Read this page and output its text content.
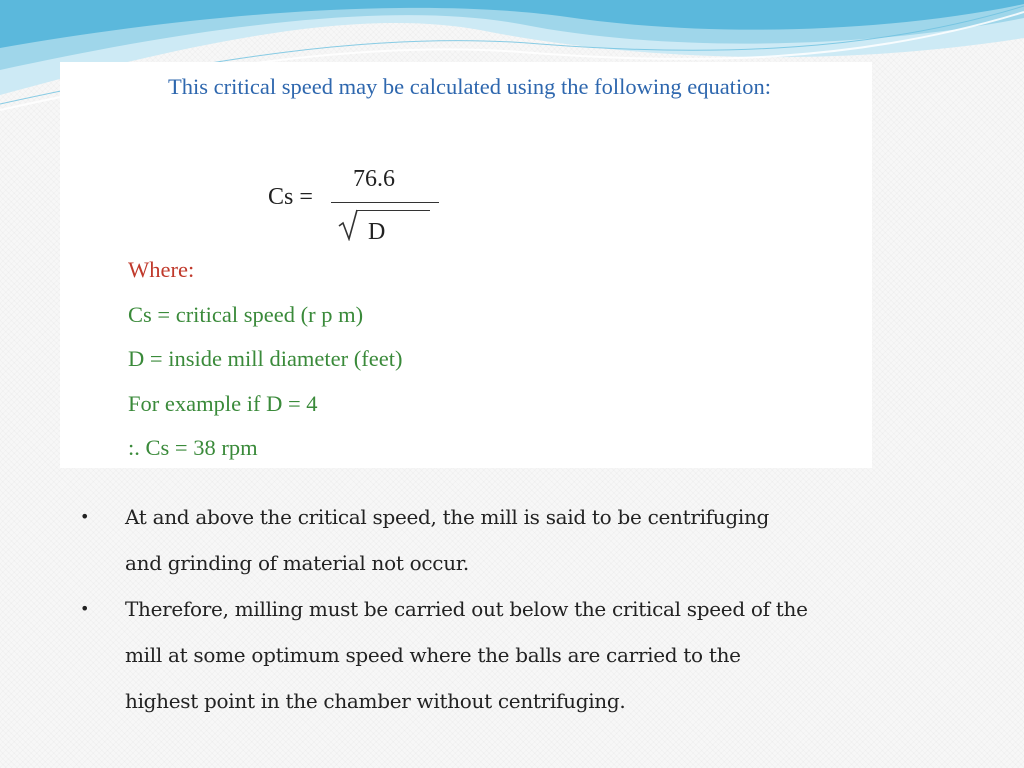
This critical speed may be calculated using the following equation:

Cs =
76.6
D
Where:
Cs = critical speed (r p m)
D = inside mill diameter (feet)
For example if D = 4
:. Cs = 38 rpm
•	At and above the critical speed, the mill is said to be centrifuging
and grinding of material not occur.
•	Therefore, milling must be carried out below the critical speed of the
mill at some optimum speed where the balls are carried to the
highest point in the chamber without centrifuging.
